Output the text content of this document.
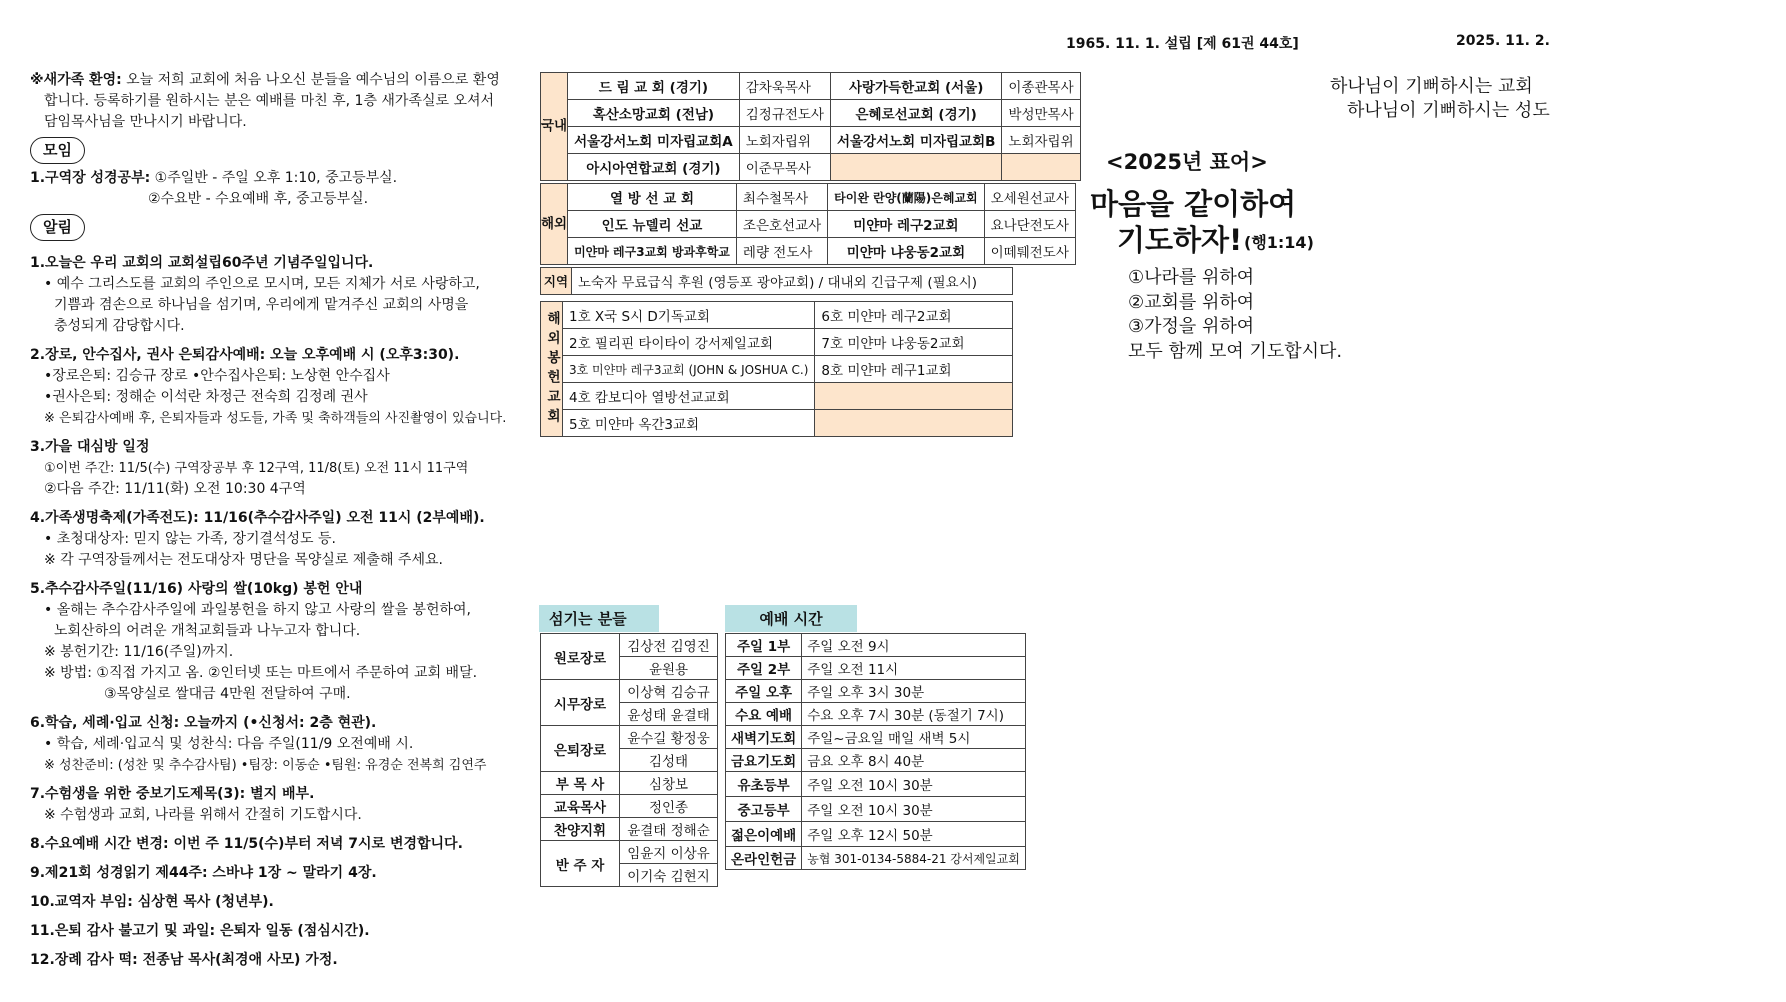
1965. 11. 1. 설립 [제 61권 44호]	2025. 11. 2.
※새가족 환영: 오늘 저희 교회에 처음 나오신 분들을 예수님의 이름으로 환영
합니다. 등록하기를 원하시는 분은 예배를 마친 후, 1층 새가족실로 오셔서
담임목사님을 만나시기 바랍니다.
모임
1.구역장 성경공부: ①주일반 - 주일 오후 1:10, 중고등부실.
②수요반 - 수요예배 후, 중고등부실.
알림
1.오늘은 우리 교회의 교회설립60주년 기념주일입니다.
• 예수 그리스도를 교회의 주인으로 모시며, 모든 지체가 서로 사랑하고,
기쁨과 겸손으로 하나님을 섬기며, 우리에게 맡겨주신 교회의 사명을
충성되게 감당합시다.
2.장로, 안수집사, 권사 은퇴감사예배: 오늘 오후예배 시 (오후3:30).
•장로은퇴: 김승규 장로 •안수집사은퇴: 노상현 안수집사
•권사은퇴: 정해순 이석란 차정근 전숙희 김정례 권사
※ 은퇴감사예배 후, 은퇴자들과 성도들, 가족 및 축하객들의 사진촬영이 있습니다.
3.가을 대심방 일정
①이번 주간: 11/5(수) 구역장공부 후 12구역, 11/8(토) 오전 11시 11구역
②다음 주간: 11/11(화) 오전 10:30 4구역
4.가족생명축제(가족전도): 11/16(추수감사주일) 오전 11시 (2부예배).
• 초청대상자: 믿지 않는 가족, 장기결석성도 등.
※ 각 구역장들께서는 전도대상자 명단을 목양실로 제출해 주세요.
5.추수감사주일(11/16) 사랑의 쌀(10kg) 봉헌 안내
• 올해는 추수감사주일에 과일봉헌을 하지 않고 사랑의 쌀을 봉헌하여,
노회산하의 어려운 개척교회들과 나누고자 합니다.
※ 봉헌기간: 11/16(주일)까지.
※ 방법: ①직접 가지고 옴. ②인터넷 또는 마트에서 주문하여 교회 배달.
③목양실로 쌀대금 4만원 전달하여 구매.
6.학습, 세례·입교 신청: 오늘까지 (•신청서: 2층 현관).
• 학습, 세례·입교식 및 성찬식: 다음 주일(11/9 오전예배 시.
※ 성찬준비: (성찬 및 추수감사팀) •팀장: 이동순 •팀원: 유경순 전복희 김연주
7.수험생을 위한 중보기도제목(3): 별지 배부.
※ 수험생과 교회, 나라를 위해서 간절히 기도합시다.
8.수요예배 시간 변경: 이번 주 11/5(수)부터 저녁 7시로 변경합니다.
9.제21회 성경읽기 제44주: 스바냐 1장 ~ 말라기 4장.
10.교역자 부임: 심상현 목사 (청년부).
11.은퇴 감사 불고기 및 과일: 은퇴자 일동 (점심시간).
12.장례 감사 떡: 전종남 목사(최경애 사모) 가정.
국내	드 림 교 회 (경기)	감차욱목사	사랑가득한교회 (서울)	이종관목사
	혹산소망교회 (전남)	김정규전도사	은혜로선교회 (경기)	박성만목사
	서울강서노회 미자립교회A	노회자립위	서울강서노회 미자립교회B	노회자립위
	아시아연합교회 (경기)	이준무목사		
해외	열 방 선 교 회	최수철목사	타이완 란양(蘭陽)은혜교회	오세원선교사
	인도 뉴델리 선교	조은호선교사	미얀마 레구2교회	요나단전도사
	미얀마 레구3교회 방과후학교	레량 전도사	미얀마 냐웅동2교회	이떼퉤전도사
지역	노숙자 무료급식 후원 (영등포 광야교회) / 대내외 긴급구제 (필요시)
해외봉헌교회	1호 X국 S시 D기독교회	6호 미얀마 레구2교회
	2호 필리핀 타이타이 강서제일교회	7호 미얀마 냐웅동2교회
	3호 미얀마 레구3교회 (JOHN & JOSHUA C.)	8호 미얀마 레구1교회
	4호 캄보디아 열방선교교회	
	5호 미얀마 옥간3교회	
섬기는 분들
원로장로	김상전 김영진
	윤원용
시무장로	이상혁 김승규
	윤성태 윤결태
은퇴장로	윤수길 황정웅
	김성태
부 목 사	심창보
교육목사	정인종
찬양지휘	윤결태 정해순
반 주 자	임윤지 이상유
	이기숙 김현지
예배 시간
주일 1부	주일 오전 9시
주일 2부	주일 오전 11시
주일 오후	주일 오후 3시 30분
수요 예배	수요 오후 7시 30분 (동절기 7시)
새벽기도회	주일~금요일 매일 새벽 5시
금요기도회	금요 오후 8시 40분
유초등부	주일 오전 10시 30분
중고등부	주일 오전 10시 30분
젊은이예배	주일 오후 12시 50분
온라인헌금	농협 301-0134-5884-21 강서제일교회
하나님이 기뻐하시는 교회
하나님이 기뻐하시는 성도
<2025년 표어>
마음을 같이하여
기도하자! (행1:14)
①나라를 위하여
②교회를 위하여
③가정을 위하여
모두 함께 모여 기도합시다.
